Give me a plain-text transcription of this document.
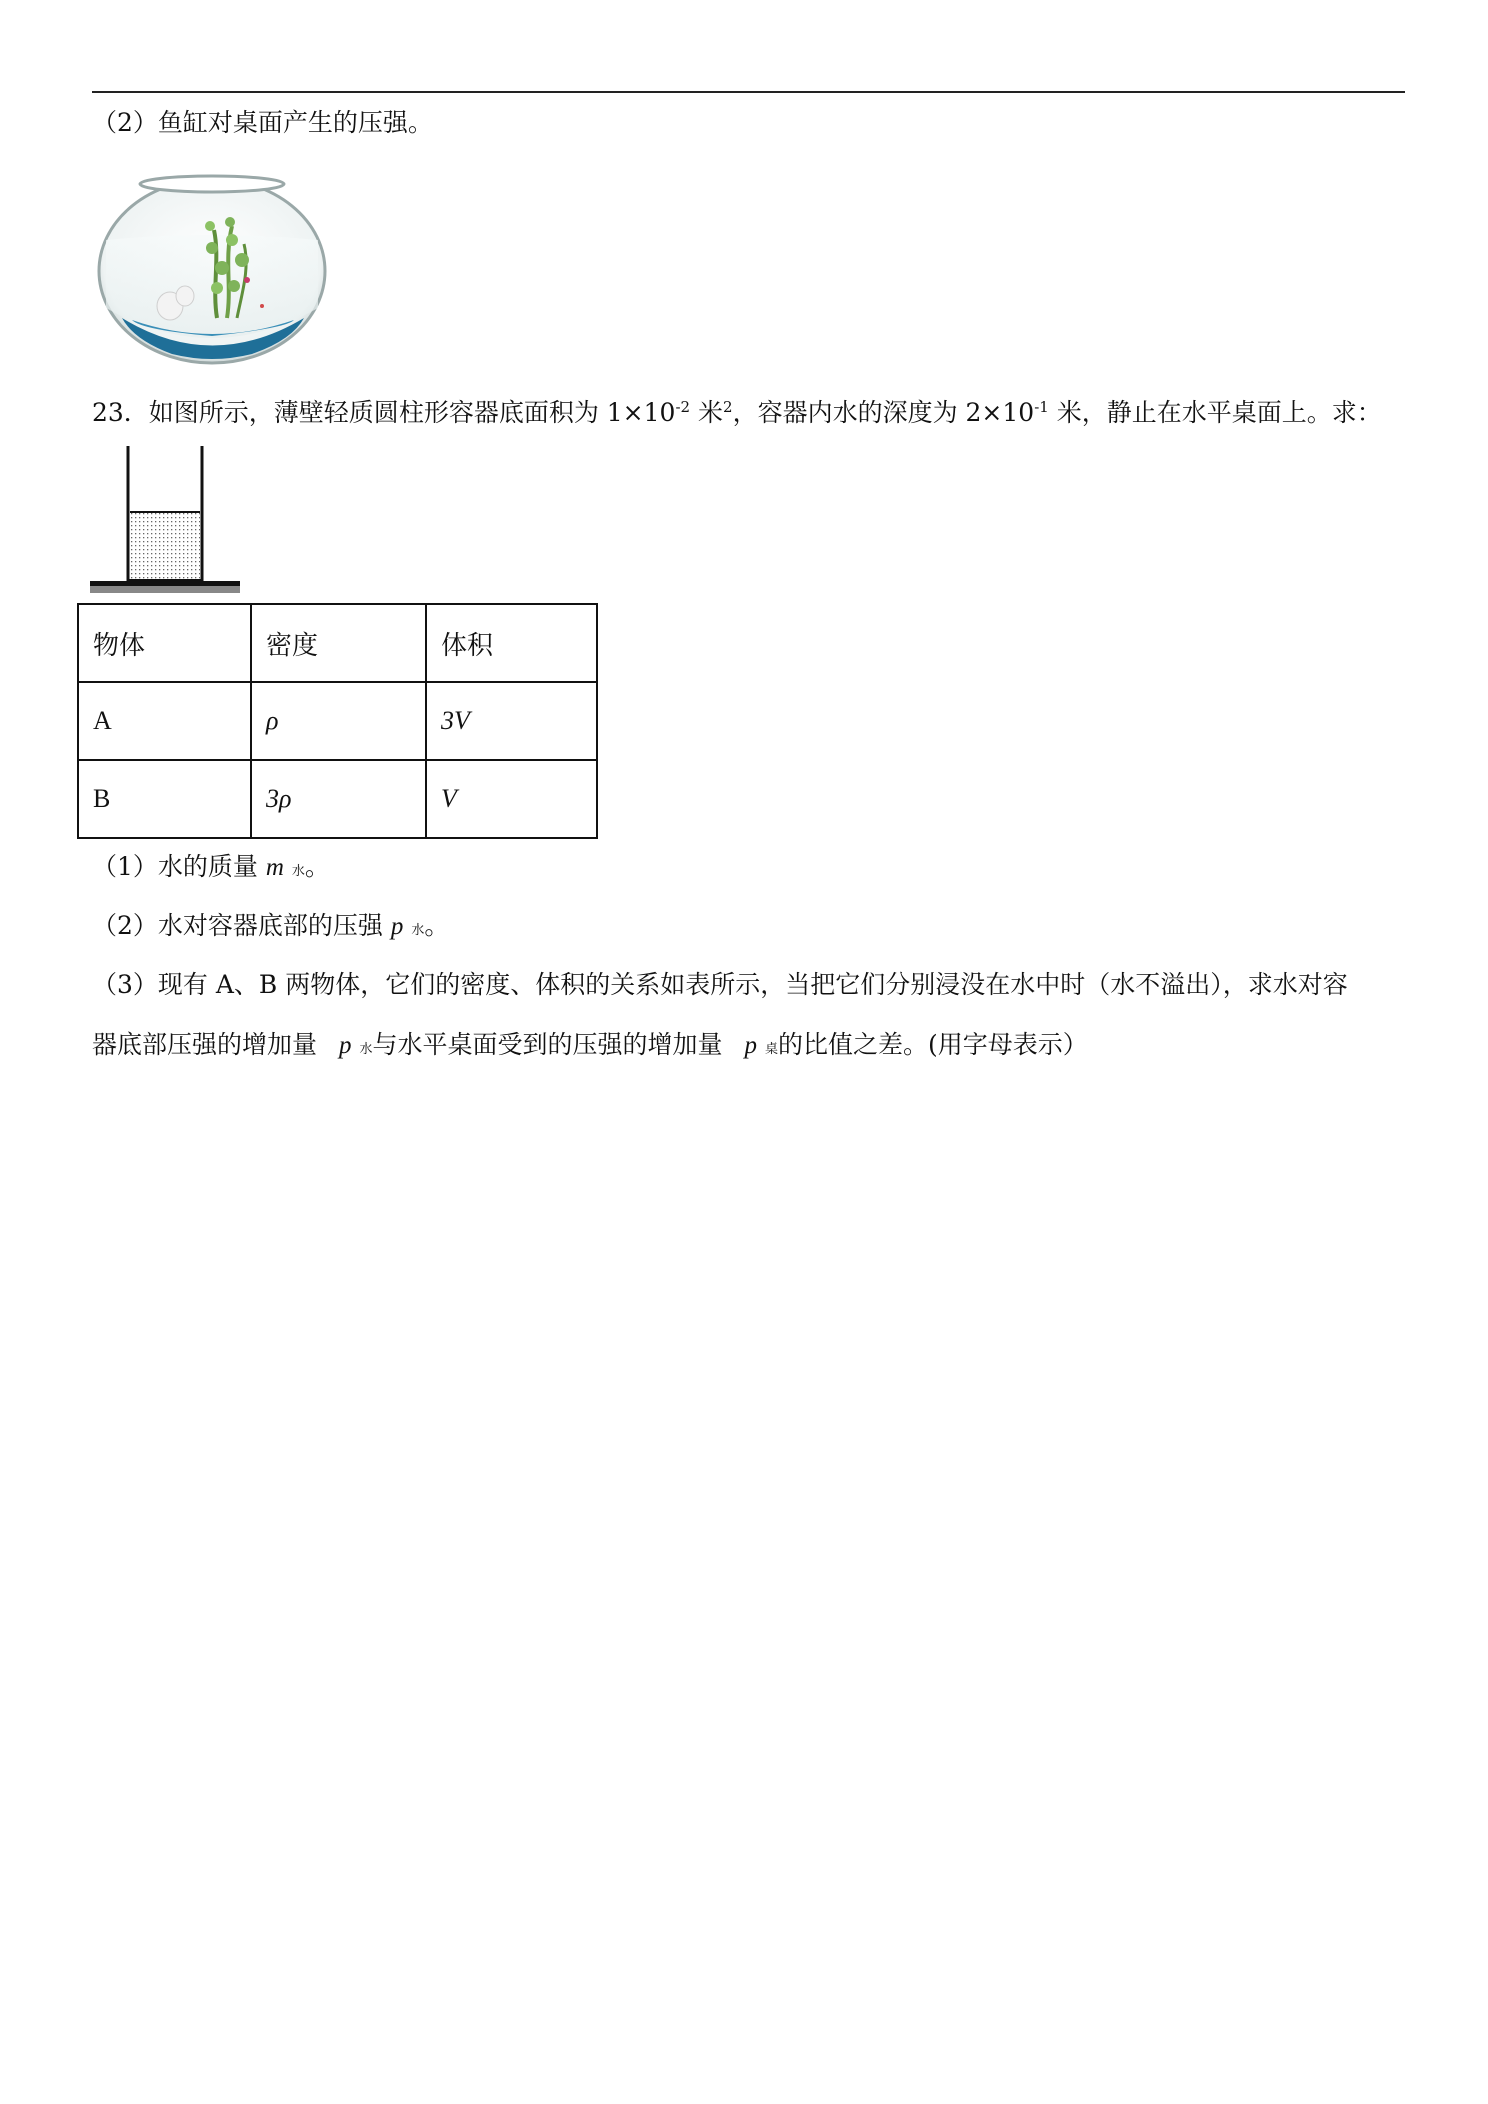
（2）鱼缸对桌面产生的压强。
23．如图所示，薄壁轻质圆柱形容器底面积为 $1\times 10^{-2}$ 米$^2$，容器内水的深度为 $2\times 10^{-1}$ 米，静止在水平桌面上。求：
物体	密度	体积
A	ρ	3V
B	3ρ	V
（1）水的质量 m 水。
（2）水对容器底部的压强 p 水。
（3）现有 A、B 两物体，它们的密度、体积的关系如表所示，当把它们分别浸没在水中时（水不溢出），求水对容
器底部压强的增加量 p 水与水平桌面受到的压强的增加量 p 桌的比值之差。(用字母表示）
